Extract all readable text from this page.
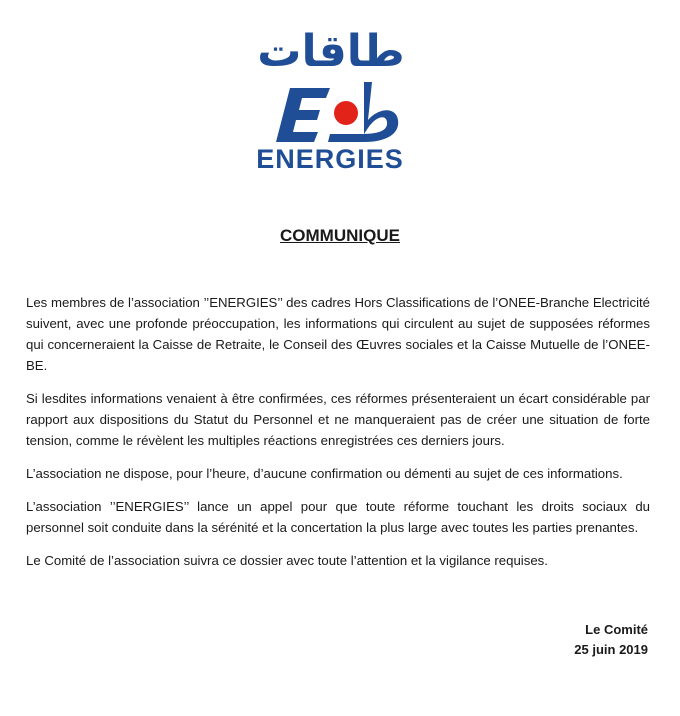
طاقات
ENERGIES
COMMUNIQUE

Les membres de l’association ’’ENERGIES’’ des cadres Hors Classifications de l’ONEE-Branche Electricité suivent, avec une profonde préoccupation, les informations qui circulent au sujet de supposées réformes qui concerneraient la Caisse de Retraite, le Conseil des Œuvres sociales et la Caisse Mutuelle de l’ONEE-BE.

Si lesdites informations venaient à être confirmées, ces réformes présenteraient un écart considérable par rapport aux dispositions du Statut du Personnel et ne manqueraient pas de créer une situation de forte tension, comme le révèlent les multiples réactions enregistrées ces derniers jours.

L’association ne dispose, pour l’heure, d’aucune confirmation ou démenti au sujet de ces informations.

L’association ’’ENERGIES’’ lance un appel pour que toute réforme touchant les droits sociaux du personnel soit conduite dans la sérénité et la concertation la plus large avec toutes les parties prenantes.

Le Comité de l’association suivra ce dossier avec toute l’attention et la vigilance requises.

Le Comité
25 juin 2019
